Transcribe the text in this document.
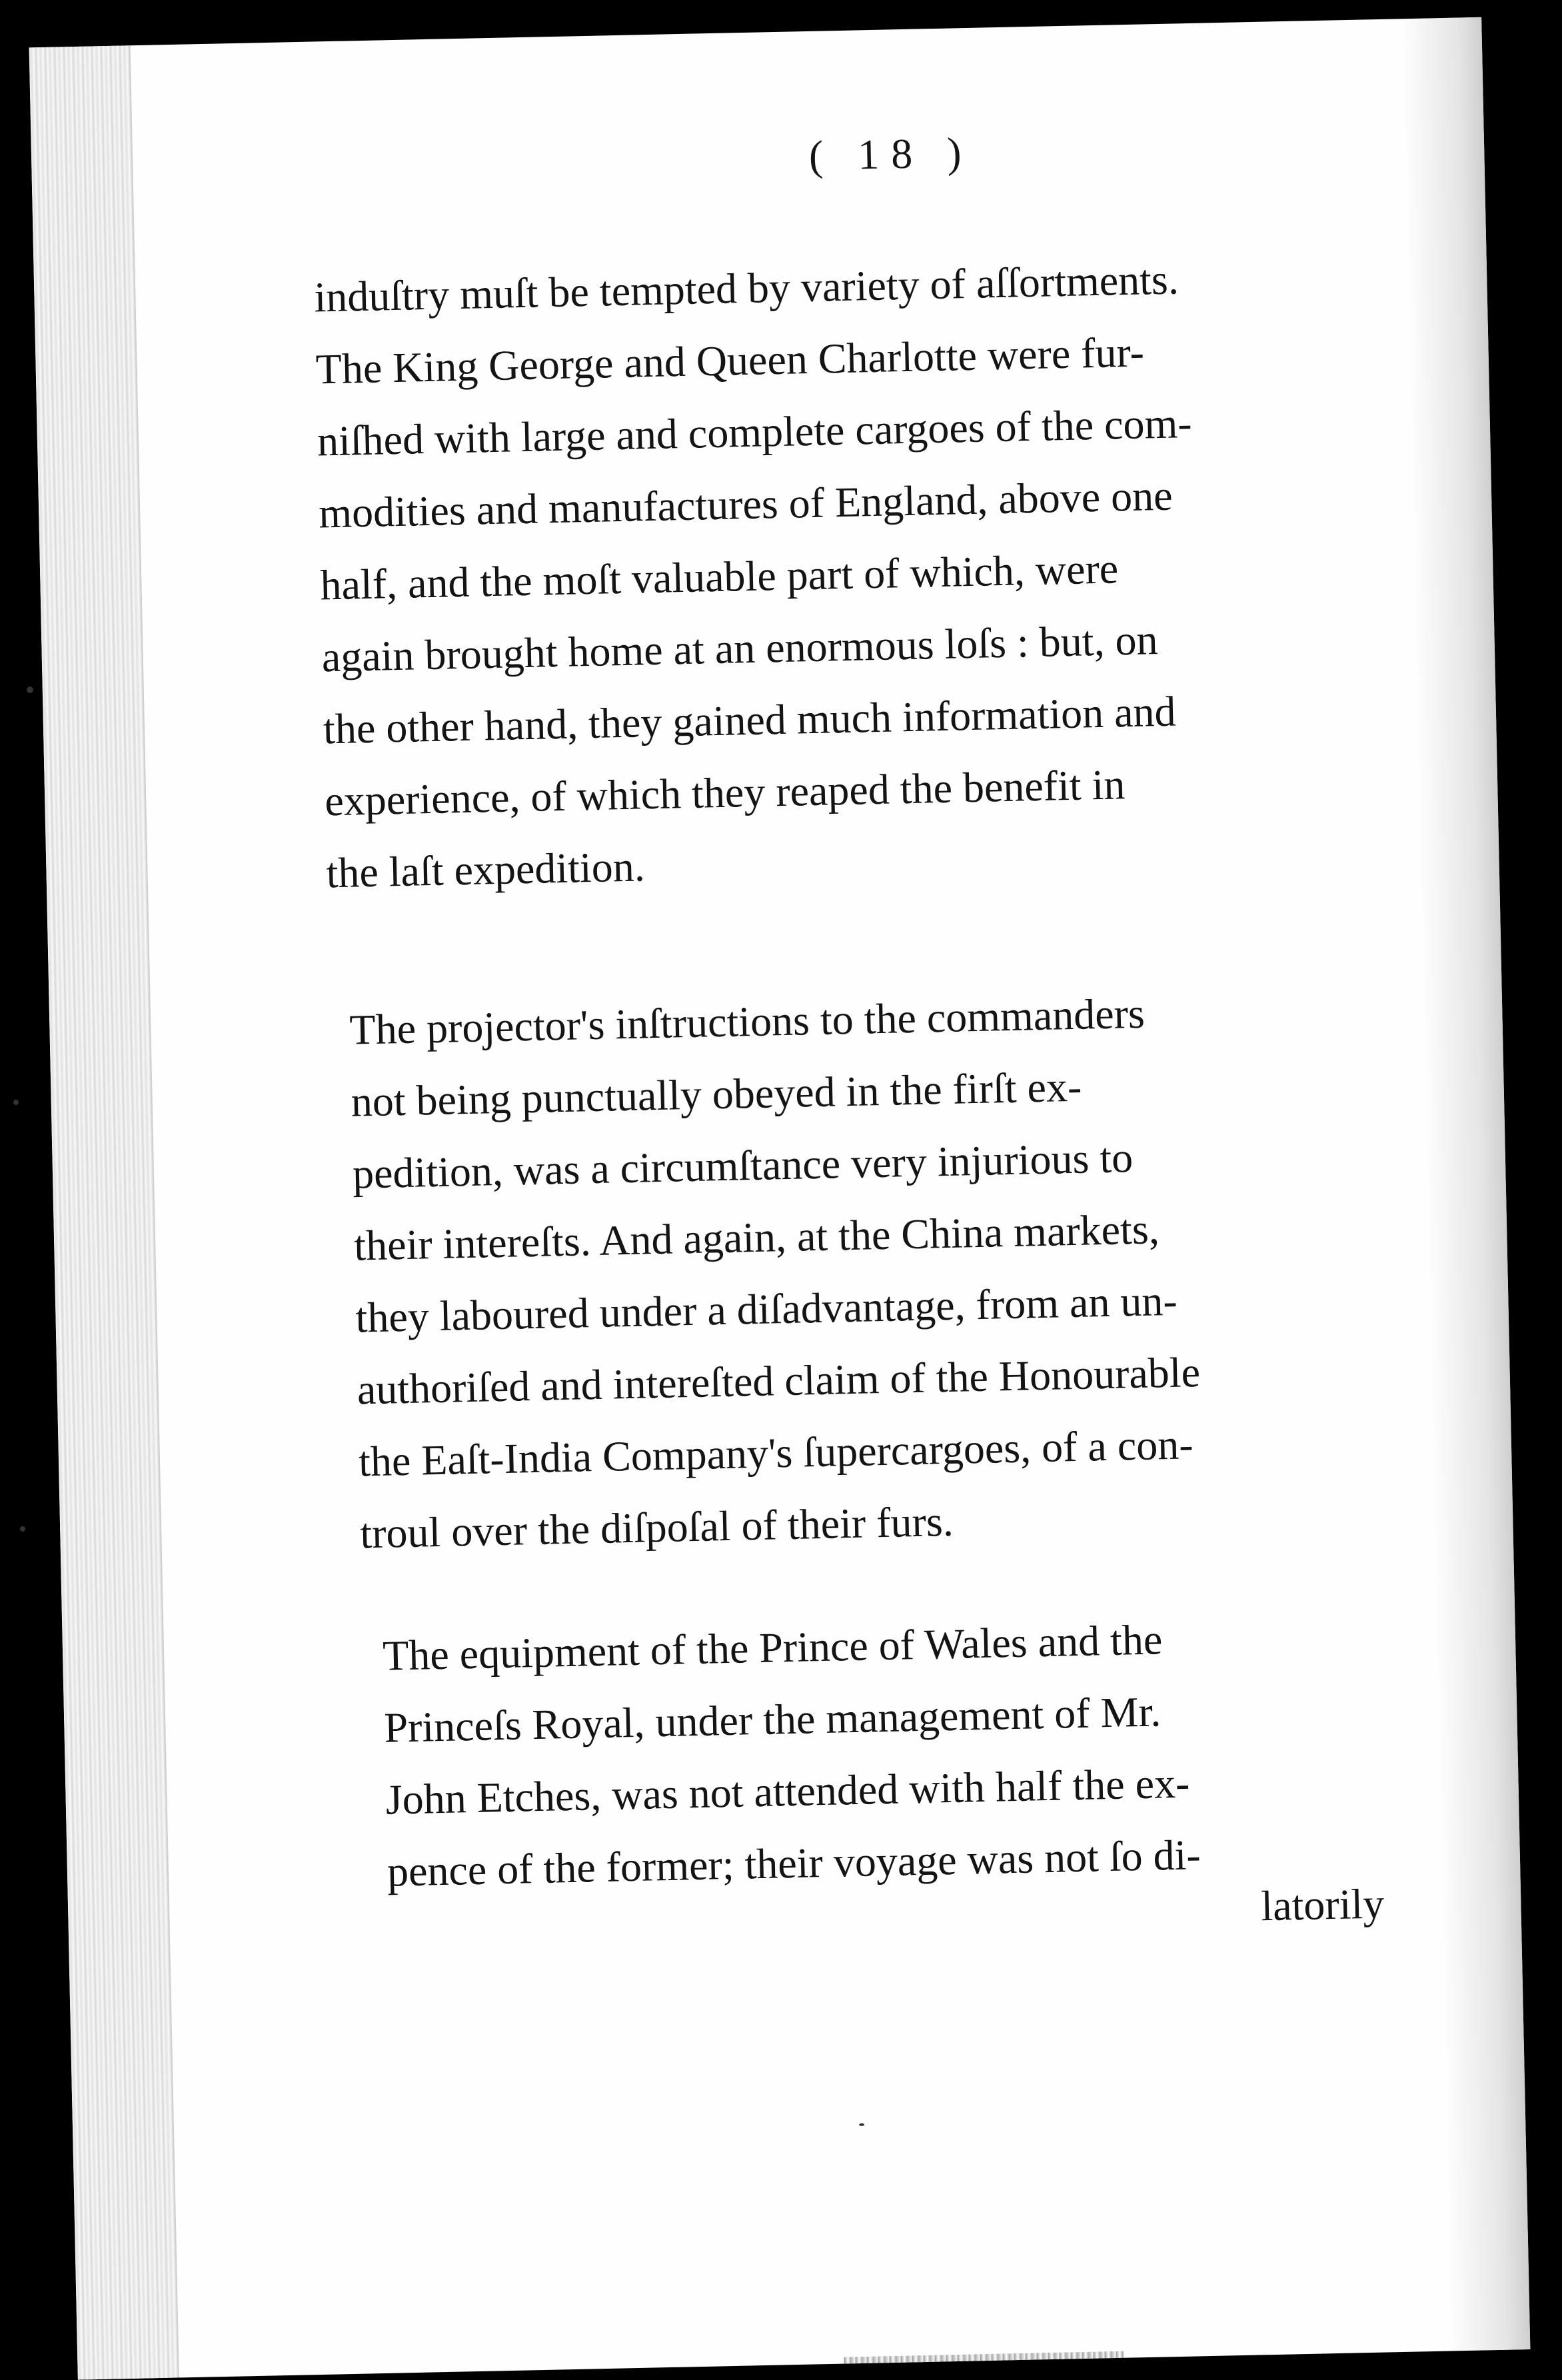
( 18 )
induſtry muſt be tempted by variety of aſſortments.
The King George and Queen Charlotte were fur-
niſhed with large and complete cargoes of the com-
modities and manufactures of England, above one
half, and the moſt valuable part of which, were
again brought home at an enormous loſs : but, on
the other hand, they gained much information and
experience, of which they reaped the benefit in
the laſt expedition.
The projector's inſtructions to the commanders
not being punctually obeyed in the firſt ex-
pedition, was a circumſtance very injurious to
their intereſts. And again, at the China markets,
they laboured under a diſadvantage, from an un-
authoriſed and intereſted claim of the Honourable
the Eaſt-India Company's ſupercargoes, of a con-
troul over the diſpoſal of their furs.
The equipment of the Prince of Wales and the
Princeſs Royal, under the management of Mr.
John Etches, was not attended with half the ex-
pence of the former; their voyage was not ſo di-
latorily
